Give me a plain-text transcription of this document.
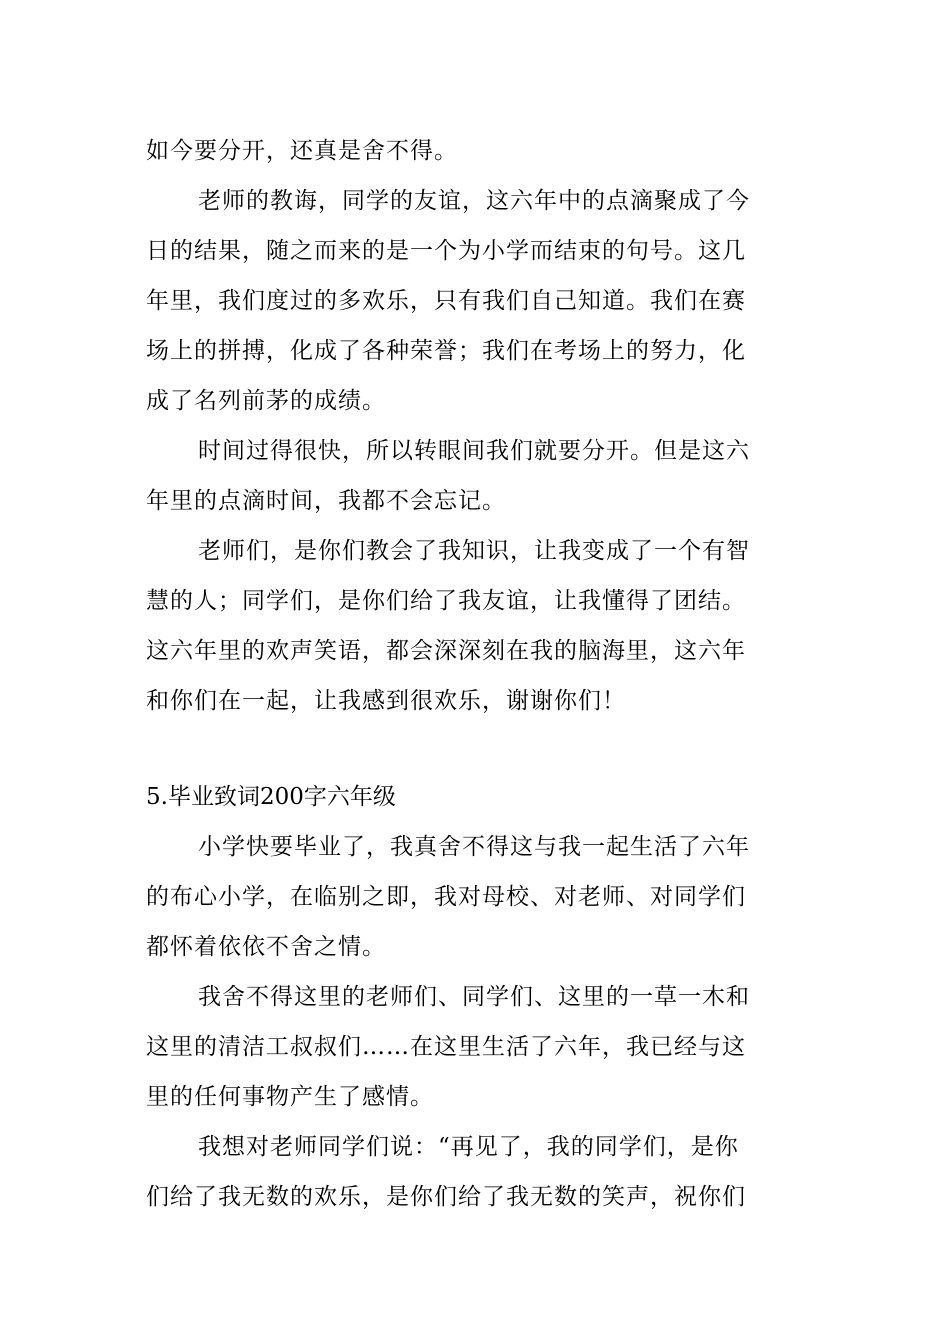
如今要分开，还真是舍不得。
老师的教诲，同学的友谊，这六年中的点滴聚成了今
日的结果，随之而来的是一个为小学而结束的句号。这几
年里，我们度过的多欢乐，只有我们自己知道。我们在赛
场上的拼搏，化成了各种荣誉；我们在考场上的努力，化
成了名列前茅的成绩。
时间过得很快，所以转眼间我们就要分开。但是这六
年里的点滴时间，我都不会忘记。
老师们，是你们教会了我知识，让我变成了一个有智
慧的人；同学们，是你们给了我友谊，让我懂得了团结。
这六年里的欢声笑语，都会深深刻在我的脑海里，这六年
和你们在一起，让我感到很欢乐，谢谢你们！
5.毕业致词200字六年级
小学快要毕业了，我真舍不得这与我一起生活了六年
的布心小学，在临别之即，我对母校、对老师、对同学们
都怀着依依不舍之情。
我舍不得这里的老师们、同学们、这里的一草一木和
这里的清洁工叔叔们……在这里生活了六年，我已经与这
里的任何事物产生了感情。
我想对老师同学们说：“再见了，我的同学们，是你
们给了我无数的欢乐，是你们给了我无数的笑声，祝你们
